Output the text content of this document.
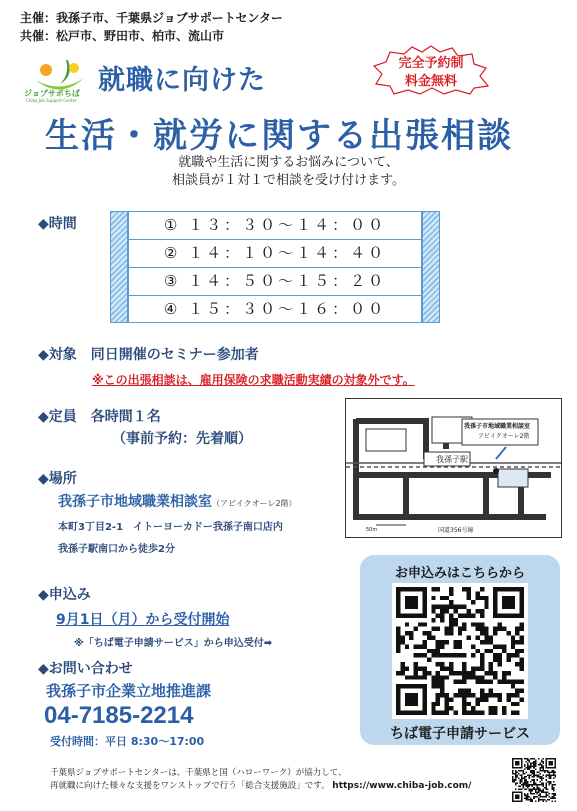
主催：我孫子市、千葉県ジョブサポートセンター
共催：松戸市、野田市、柏市、流山市
ジョブサポちば
Chiba Job Support Center
就職に向けた
生活・就労に関する出張相談
完全予約制
料金無料
就職や生活に関するお悩みについて、
相談員が１対１で相談を受け付けます。
◆時間	① １３：３０～１４：００
② １４：１０～１４：４０
③ １４：５０～１５：２０
④ １５：３０～１６：００
◆対象　同日開催のセミナー参加者
※この出張相談は、雇用保険の求職活動実績の対象外です。
◆定員　各時間１名
（事前予約：先着順）
我孫子駅
我孫子市地域職業相談室
アビイクオーレ2階
国道356号線
50m
◆場所
我孫子市地域職業相談室（アビイクオーレ2階）
本町3丁目2-1　イトーヨーカドー我孫子南口店内
我孫子駅南口から徒歩2分
◆申込み
9月1日（月）から受付開始
※「ちば電子申請サービス」から申込受付➡
◆お問い合わせ
我孫子市企業立地推進課
04-7185-2214
受付時間：平日 8:30～17:00
お申込みはこちらから
ちば電子申請サービス
千葉県ジョブサポートセンターは、千葉県と国（ハローワーク）が協力して、
再就職に向けた様々な支援をワンストップで行う「総合支援施設」です。 https://www.chiba-job.com/
